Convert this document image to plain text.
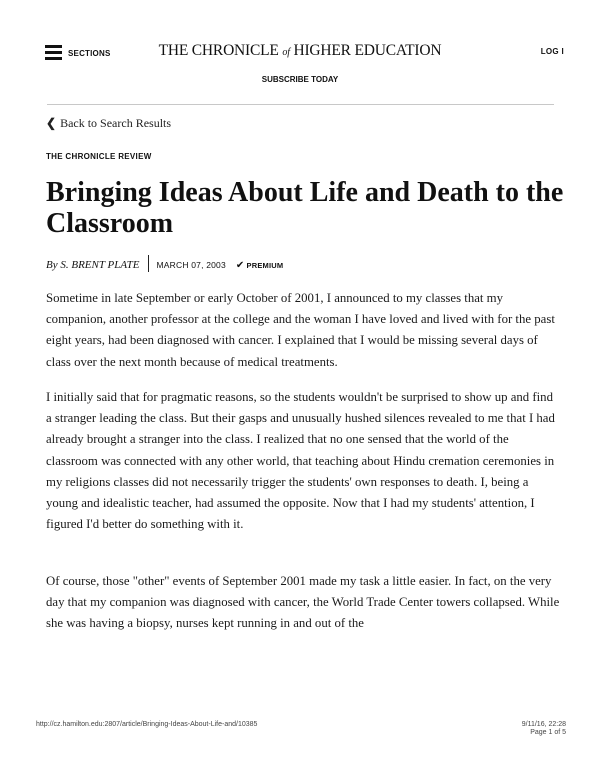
SECTIONS	THE CHRONICLE of HIGHER EDUCATION	LOG I
SUBSCRIBE TODAY
❮ Back to Search Results
THE CHRONICLE REVIEW
Bringing Ideas About Life and Death to the Classroom
By S. BRENT PLATE MARCH 07, 2003 ✔ PREMIUM

Sometime in late September or early October of 2001, I announced to my classes that my companion, another professor at the college and the woman I have loved and lived with for the past eight years, had been diagnosed with cancer. I explained that I would be missing several days of class over the next month because of medical treatments.

I initially said that for pragmatic reasons, so the students wouldn't be surprised to show up and find a stranger leading the class. But their gasps and unusually hushed silences revealed to me that I had already brought a stranger into the class. I realized that no one sensed that the world of the classroom was connected with any other world, that teaching about Hindu cremation ceremonies in my religions classes did not necessarily trigger the students' own responses to death. I, being a young and idealistic teacher, had assumed the opposite. Now that I had my students' attention, I figured I'd better do something with it.

Of course, those "other" events of September 2001 made my task a little easier. In fact, on the very day that my companion was diagnosed with cancer, the World Trade Center towers collapsed. While she was having a biopsy, nurses kept running in and out of the

http://cz.hamilton.edu:2807/article/Bringing-Ideas-About-Life-and/10385	9/11/16, 22:28
Page 1 of 5
